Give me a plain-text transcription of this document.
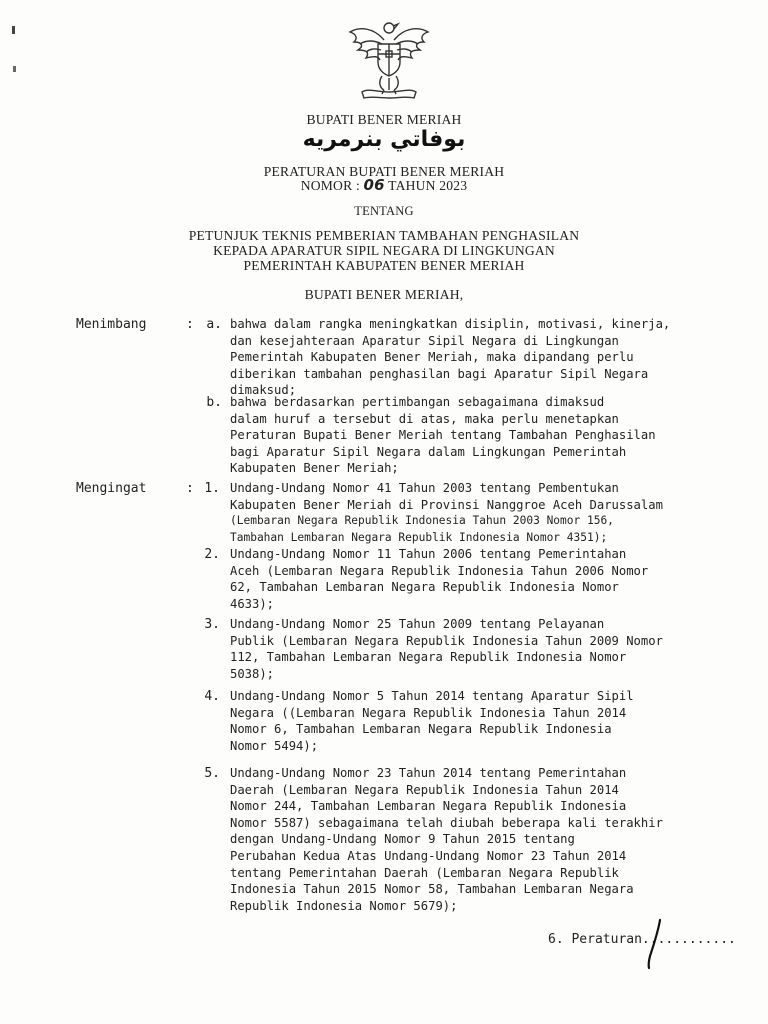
BUPATI BENER MERIAH
بوفاتي بنرمريه
PERATURAN BUPATI BENER MERIAH
NOMOR : 06 TAHUN 2023
TENTANG
PETUNJUK TEKNIS PEMBERIAN TAMBAHAN PENGHASILAN
KEPADA APARATUR SIPIL NEGARA DI LINGKUNGAN
PEMERINTAH KABUPATEN BENER MERIAH
BUPATI BENER MERIAH,
Menimbang	: a. bahwa dalam rangka meningkatkan disiplin, motivasi, kinerja,
dan kesejahteraan Aparatur Sipil Negara di Lingkungan
Pemerintah Kabupaten Bener Meriah, maka dipandang perlu
diberikan tambahan penghasilan bagi Aparatur Sipil Negara
dimaksud;
b. bahwa berdasarkan pertimbangan sebagaimana dimaksud
dalam huruf a tersebut di atas, maka perlu menetapkan
Peraturan Bupati Bener Meriah tentang Tambahan Penghasilan
bagi Aparatur Sipil Negara dalam Lingkungan Pemerintah
Kabupaten Bener Meriah;
Mengingat	: 1. Undang-Undang Nomor 41 Tahun 2003 tentang Pembentukan
Kabupaten Bener Meriah di Provinsi Nanggroe Aceh Darussalam
(Lembaran Negara Republik Indonesia Tahun 2003 Nomor 156,
Tambahan Lembaran Negara Republik Indonesia Nomor 4351);
2. Undang-Undang Nomor 11 Tahun 2006 tentang Pemerintahan
Aceh (Lembaran Negara Republik Indonesia Tahun 2006 Nomor
62, Tambahan Lembaran Negara Republik Indonesia Nomor
4633);
3. Undang-Undang Nomor 25 Tahun 2009 tentang Pelayanan
Publik (Lembaran Negara Republik Indonesia Tahun 2009 Nomor
112, Tambahan Lembaran Negara Republik Indonesia Nomor
5038);
4. Undang-Undang Nomor 5 Tahun 2014 tentang Aparatur Sipil
Negara ((Lembaran Negara Republik Indonesia Tahun 2014
Nomor 6, Tambahan Lembaran Negara Republik Indonesia
Nomor 5494);
5. Undang-Undang Nomor 23 Tahun 2014 tentang Pemerintahan
Daerah (Lembaran Negara Republik Indonesia Tahun 2014
Nomor 244, Tambahan Lembaran Negara Republik Indonesia
Nomor 5587) sebagaimana telah diubah beberapa kali terakhir
dengan Undang-Undang Nomor 9 Tahun 2015 tentang
Perubahan Kedua Atas Undang-Undang Nomor 23 Tahun 2014
tentang Pemerintahan Daerah (Lembaran Negara Republik
Indonesia Tahun 2015 Nomor 58, Tambahan Lembaran Negara
Republik Indonesia Nomor 5679);
6. Peraturan............
